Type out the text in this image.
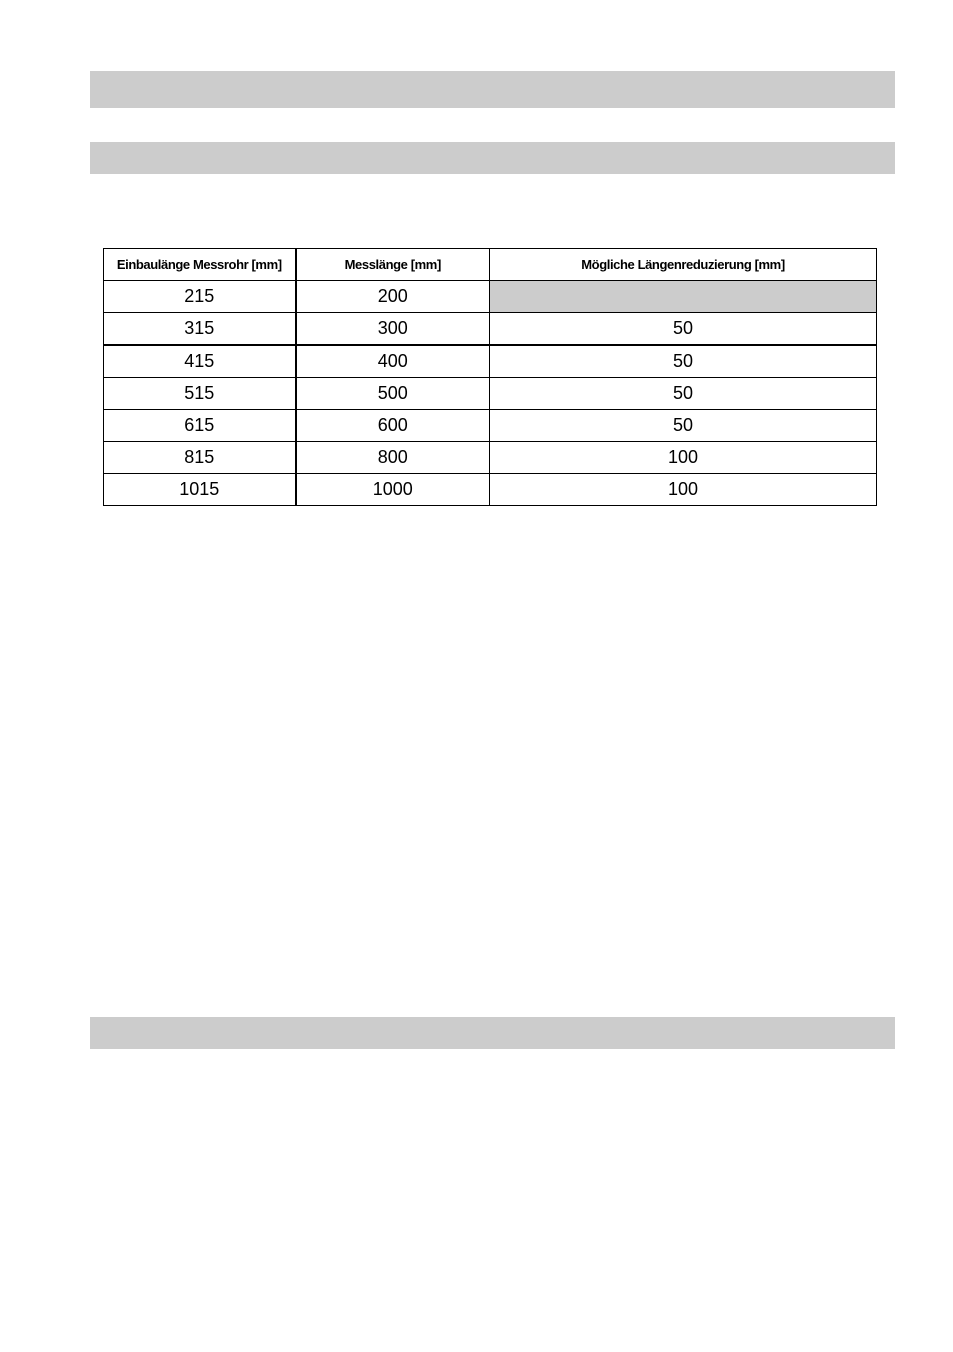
Einbaulänge Messrohr [mm]	Messlänge [mm]	Mögliche Längenreduzierung [mm]
215	200	
315	300	50
415	400	50
515	500	50
615	600	50
815	800	100
1015	1000	100
